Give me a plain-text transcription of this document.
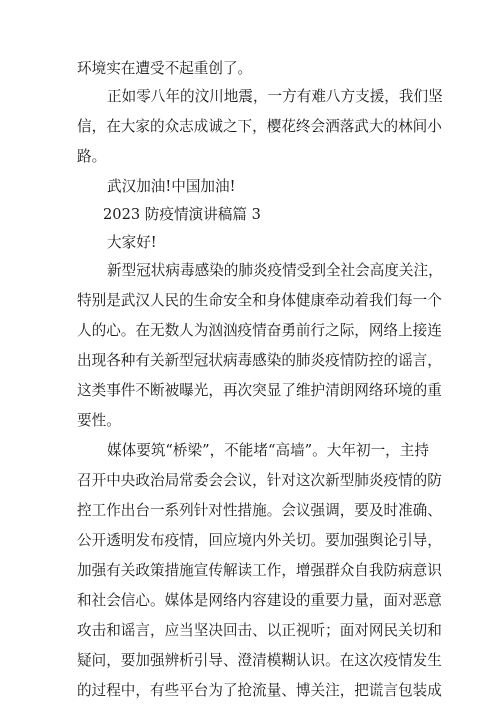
环境实在遭受不起重创了。
正如零八年的汶川地震，一方有难八方支援，我们坚
信，在大家的众志成诚之下，樱花终会洒落武大的林间小
路。
武汉加油!中国加油!
2023 防疫情演讲稿篇 3
大家好!
新型冠状病毒感染的肺炎疫情受到全社会高度关注，
特别是武汉人民的生命安全和身体健康牵动着我们每一个
人的心。在无数人为汹汹疫情奋勇前行之际，网络上接连
出现各种有关新型冠状病毒感染的肺炎疫情防控的谣言，
这类事件不断被曝光，再次突显了维护清朗网络环境的重
要性。
媒体要筑“桥梁”，不能堵“高墙”。大年初一，主持
召开中央政治局常委会会议，针对这次新型肺炎疫情的防
控工作出台一系列针对性措施。会议强调，要及时准确、
公开透明发布疫情，回应境内外关切。要加强舆论引导，
加强有关政策措施宣传解读工作，增强群众自我防病意识
和社会信心。媒体是网络内容建设的重要力量，面对恶意
攻击和谣言，应当坚决回击、以正视听；面对网民关切和
疑问，要加强辨析引导、澄清模糊认识。在这次疫情发生
的过程中，有些平台为了抢流量、博关注，把谎言包装成
